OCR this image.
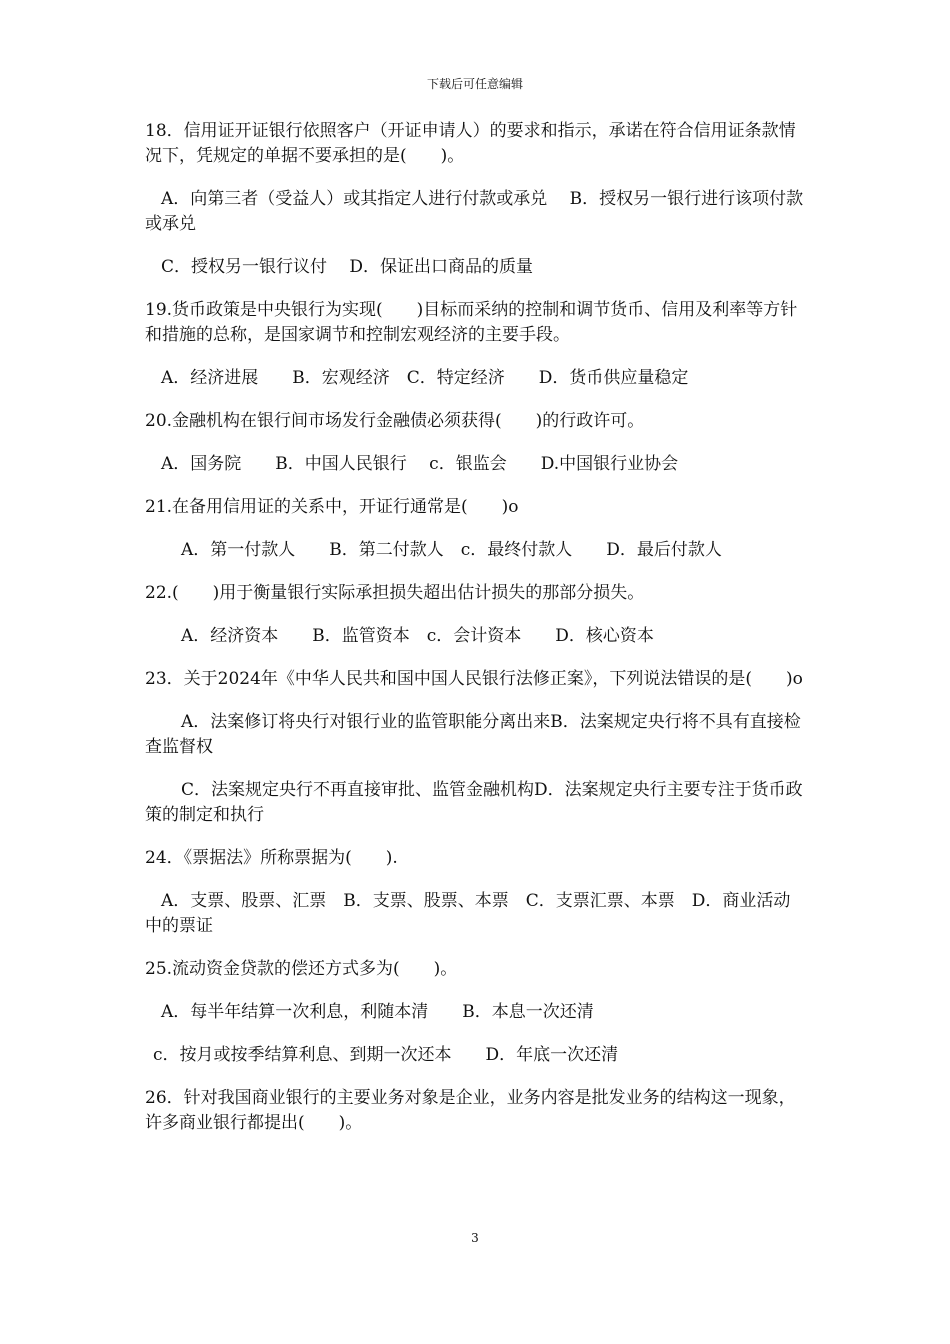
下载后可任意编辑

18．信用证开证银行依照客户（开证申请人）的要求和指示，承诺在符合信用证条款情况下，凭规定的单据不要承担的是(　　)。

A．向第三者（受益人）或其指定人进行付款或承兑　 B．授权另一银行进行该项付款或承兑

C．授权另一银行议付　 D．保证出口商品的质量

19.货币政策是中央银行为实现(　　)目标而采纳的控制和调节货币、信用及利率等方针和措施的总称，是国家调节和控制宏观经济的主要手段。

A．经济进展　　B．宏观经济　C．特定经济　　D．货币供应量稳定

20.金融机构在银行间市场发行金融债必须获得(　　)的行政许可。

A．国务院　　B．中国人民银行　 c．银监会　　D.中国银行业协会

21.在备用信用证的关系中，开证行通常是(　　)o

A．第一付款人　　B．第二付款人　c．最终付款人　　D．最后付款人

22.(　　)用于衡量银行实际承担损失超出估计损失的那部分损失。

A．经济资本　　B．监管资本　c．会计资本　　D．核心资本

23．关于2024年《中华人民共和国中国人民银行法修正案》，下列说法错误的是(　　)o

A．法案修订将央行对银行业的监管职能分离出来B．法案规定央行将不具有直接检查监督权

C．法案规定央行不再直接审批、监管金融机构D．法案规定央行主要专注于货币政策的制定和执行

24．《票据法》所称票据为(　　).

A．支票、股票、汇票　B．支票、股票、本票　C．支票汇票、本票　D．商业活动中的票证

25.流动资金贷款的偿还方式多为(　　)。

A．每半年结算一次利息，利随本清　　B．本息一次还清

c．按月或按季结算利息、到期一次还本　　D．年底一次还清

26．针对我国商业银行的主要业务对象是企业，业务内容是批发业务的结构这一现象，许多商业银行都提出(　　)。

3
